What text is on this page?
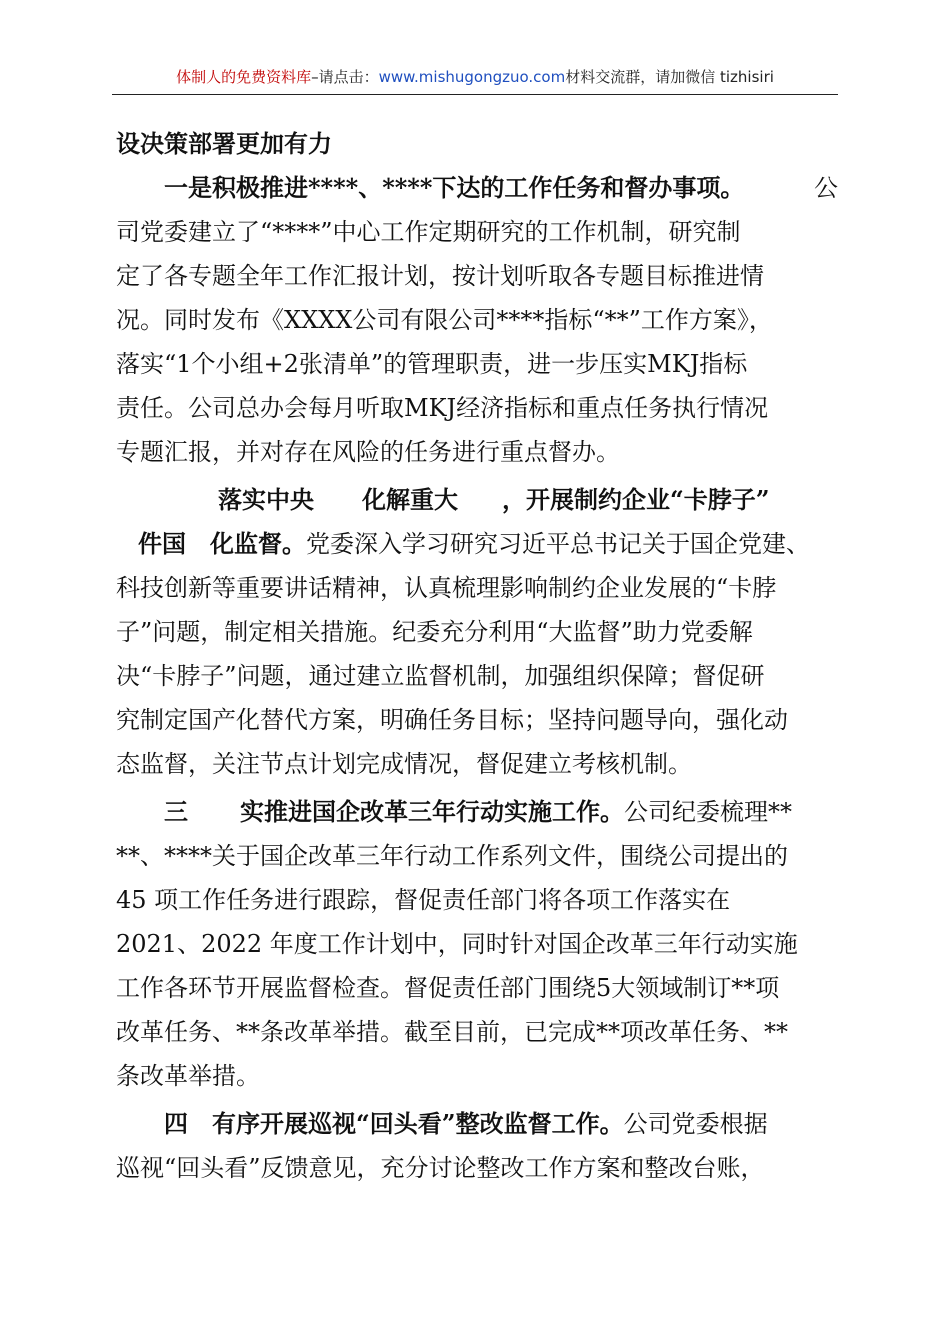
体制人的免费资料库–请点击：www.mishugongzuo.com材料交流群，请加微信 tizhisiri
设决策部署更加有力
一是积极推进****、****下达的工作任务和督办事项。	公
司党委建立了“****”中心工作定期研究的工作机制，研究制
定了各专题全年工作汇报计划，按计划听取各专题目标推进情
况。同时发布《XXXX公司有限公司****指标“**”工作方案》，
落实“1个小组+2张清单”的管理职责，进一步压实MKJ指标
责任。公司总办会每月听取MKJ经济指标和重点任务执行情况
专题汇报，并对存在风险的任务进行重点督办。
落实中央 化解重大 ，开展制约企业“卡脖子”
件国 化监督。 党委深入学习研究习近平总书记关于国企党建、
科技创新等重要讲话精神，认真梳理影响制约企业发展的“卡脖
子”问题，制定相关措施。纪委充分利用“大监督”助力党委解
决“卡脖子”问题，通过建立监督机制，加强组织保障；督促研
究制定国产化替代方案，明确任务目标；坚持问题导向，强化动
态监督，关注节点计划完成情况，督促建立考核机制。
三 实推进国企改革三年行动实施工作。 公司纪委梳理**
**、****关于国企改革三年行动工作系列文件，围绕公司提出的
45 项工作任务进行跟踪，督促责任部门将各项工作落实在
2021、2022 年度工作计划中，同时针对国企改革三年行动实施
工作各环节开展监督检查。督促责任部门围绕5大领域制订**项
改革任务、**条改革举措。截至目前，已完成**项改革任务、**
条改革举措。
四 有序开展巡视“回头看”整改监督工作。 公司党委根据
巡视“回头看”反馈意见，充分讨论整改工作方案和整改台账，
